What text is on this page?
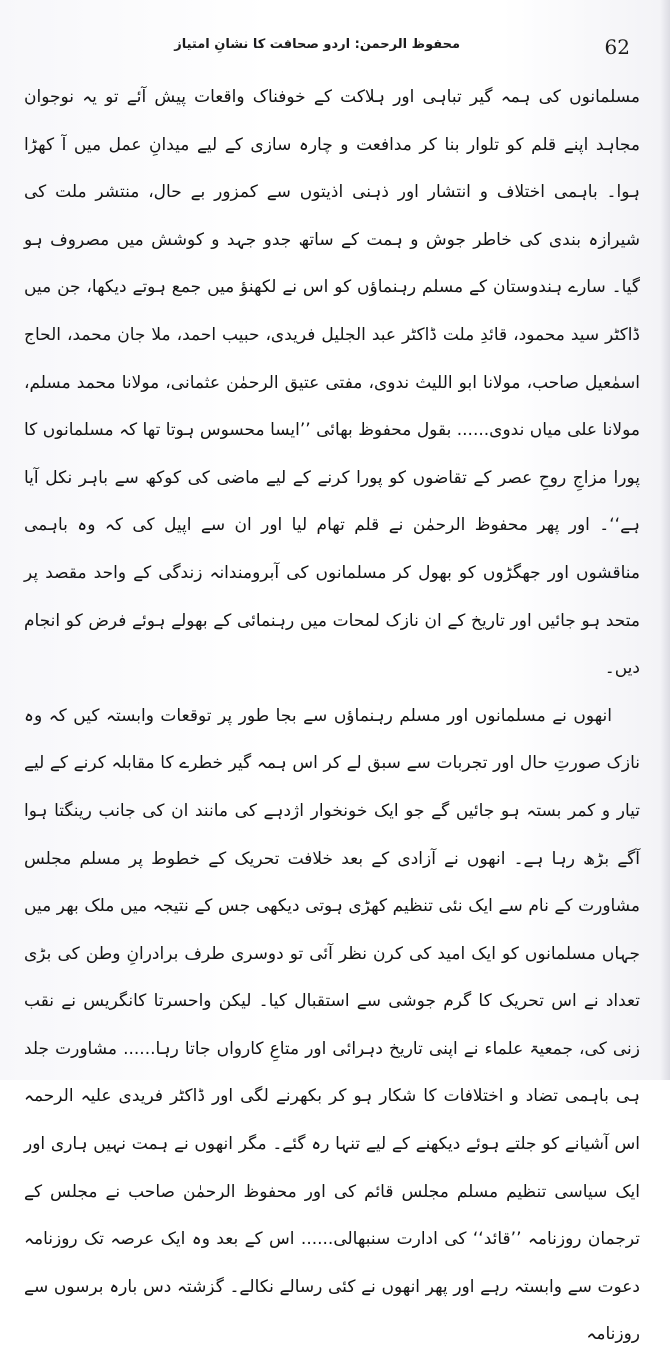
محفوظ الرحمن: اردو صحافت کا نشانِ امتیاز	62

مسلمانوں کی ہمہ گیر تباہی اور ہلاکت کے خوفناک واقعات پیش آئے تو یہ نوجوان مجاہد اپنے قلم کو تلوار بنا کر مدافعت و چارہ سازی کے لیے میدانِ عمل میں آ کھڑا ہوا۔ باہمی اختلاف و انتشار اور ذہنی اذیتوں سے کمزور بے حال، منتشر ملت کی شیرازہ بندی کی خاطر جوش و ہمت کے ساتھ جدو جہد و کوشش میں مصروف ہو گیا۔ سارے ہندوستان کے مسلم رہنماؤں کو اس نے لکھنؤ میں جمع ہوتے دیکھا، جن میں ڈاکٹر سید محمود، قائدِ ملت ڈاکٹر عبد الجلیل فریدی، حبیب احمد، ملا جان محمد، الحاج اسمٰعیل صاحب، مولانا ابو اللیث ندوی، مفتی عتیق الرحمٰن عثمانی، مولانا محمد مسلم، مولانا علی میاں ندوی...... بقول محفوظ بھائی ’’ایسا محسوس ہوتا تھا کہ مسلمانوں کا پورا مزاجِ روحِ عصر کے تقاضوں کو پورا کرنے کے لیے ماضی کی کوکھ سے باہر نکل آیا ہے‘‘۔ اور پھر محفوظ الرحمٰن نے قلم تھام لیا اور ان سے اپیل کی کہ وہ باہمی مناقشوں اور جھگڑوں کو بھول کر مسلمانوں کی آبرومندانہ زندگی کے واحد مقصد پر متحد ہو جائیں اور تاریخ کے ان نازک لمحات میں رہنمائی کے بھولے ہوئے فرض کو انجام دیں۔

انھوں نے مسلمانوں اور مسلم رہنماؤں سے بجا طور پر توقعات وابستہ کیں کہ وہ نازک صورتِ حال اور تجربات سے سبق لے کر اس ہمہ گیر خطرے کا مقابلہ کرنے کے لیے تیار و کمر بستہ ہو جائیں گے جو ایک خونخوار اژدہے کی مانند ان کی جانب رینگتا ہوا آگے بڑھ رہا ہے۔ انھوں نے آزادی کے بعد خلافت تحریک کے خطوط پر مسلم مجلس مشاورت کے نام سے ایک نئی تنظیم کھڑی ہوتی دیکھی جس کے نتیجہ میں ملک بھر میں جہاں مسلمانوں کو ایک امید کی کرن نظر آئی تو دوسری طرف برادرانِ وطن کی بڑی تعداد نے اس تحریک کا گرم جوشی سے استقبال کیا۔ لیکن واحسرتا کانگریس نے نقب زنی کی، جمعیۃ علماء نے اپنی تاریخ دہرائی اور متاعِ کارواں جاتا رہا...... مشاورت جلد ہی باہمی تضاد و اختلافات کا شکار ہو کر بکھرنے لگی اور ڈاکٹر فریدی علیہ الرحمہ اس آشیانے کو جلتے ہوئے دیکھنے کے لیے تنہا رہ گئے۔ مگر انھوں نے ہمت نہیں ہاری اور ایک سیاسی تنظیم مسلم مجلس قائم کی اور محفوظ الرحمٰن صاحب نے مجلس کے ترجمان روزنامہ ’’قائد‘‘ کی ادارت سنبھالی...... اس کے بعد وہ ایک عرصہ تک روزنامہ دعوت سے وابستہ رہے اور پھر انھوں نے کئی رسالے نکالے۔ گزشتہ دس بارہ برسوں سے روزنامہ
